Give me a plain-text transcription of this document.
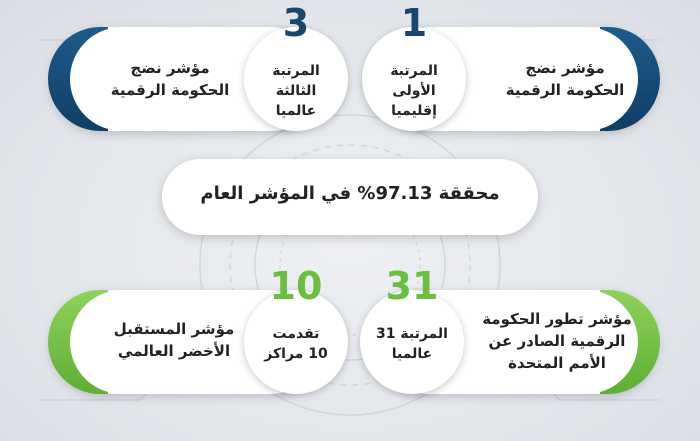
مؤشر نضج
الحكومة الرقمية
1
المرتبة الأولى
إقليميا
مؤشر نضج
الحكومة الرقمية
3
المرتبة الثالثة
عالميا
محققة 97.13% في المؤشر العام
مؤشر تطور الحكومة
الرقمية الصادر عن
الأمم المتحدة
31
المرتبة 31
عالميا
مؤشر المستقبل
الأخضر العالمي
10
تقدمت
10 مراكز
